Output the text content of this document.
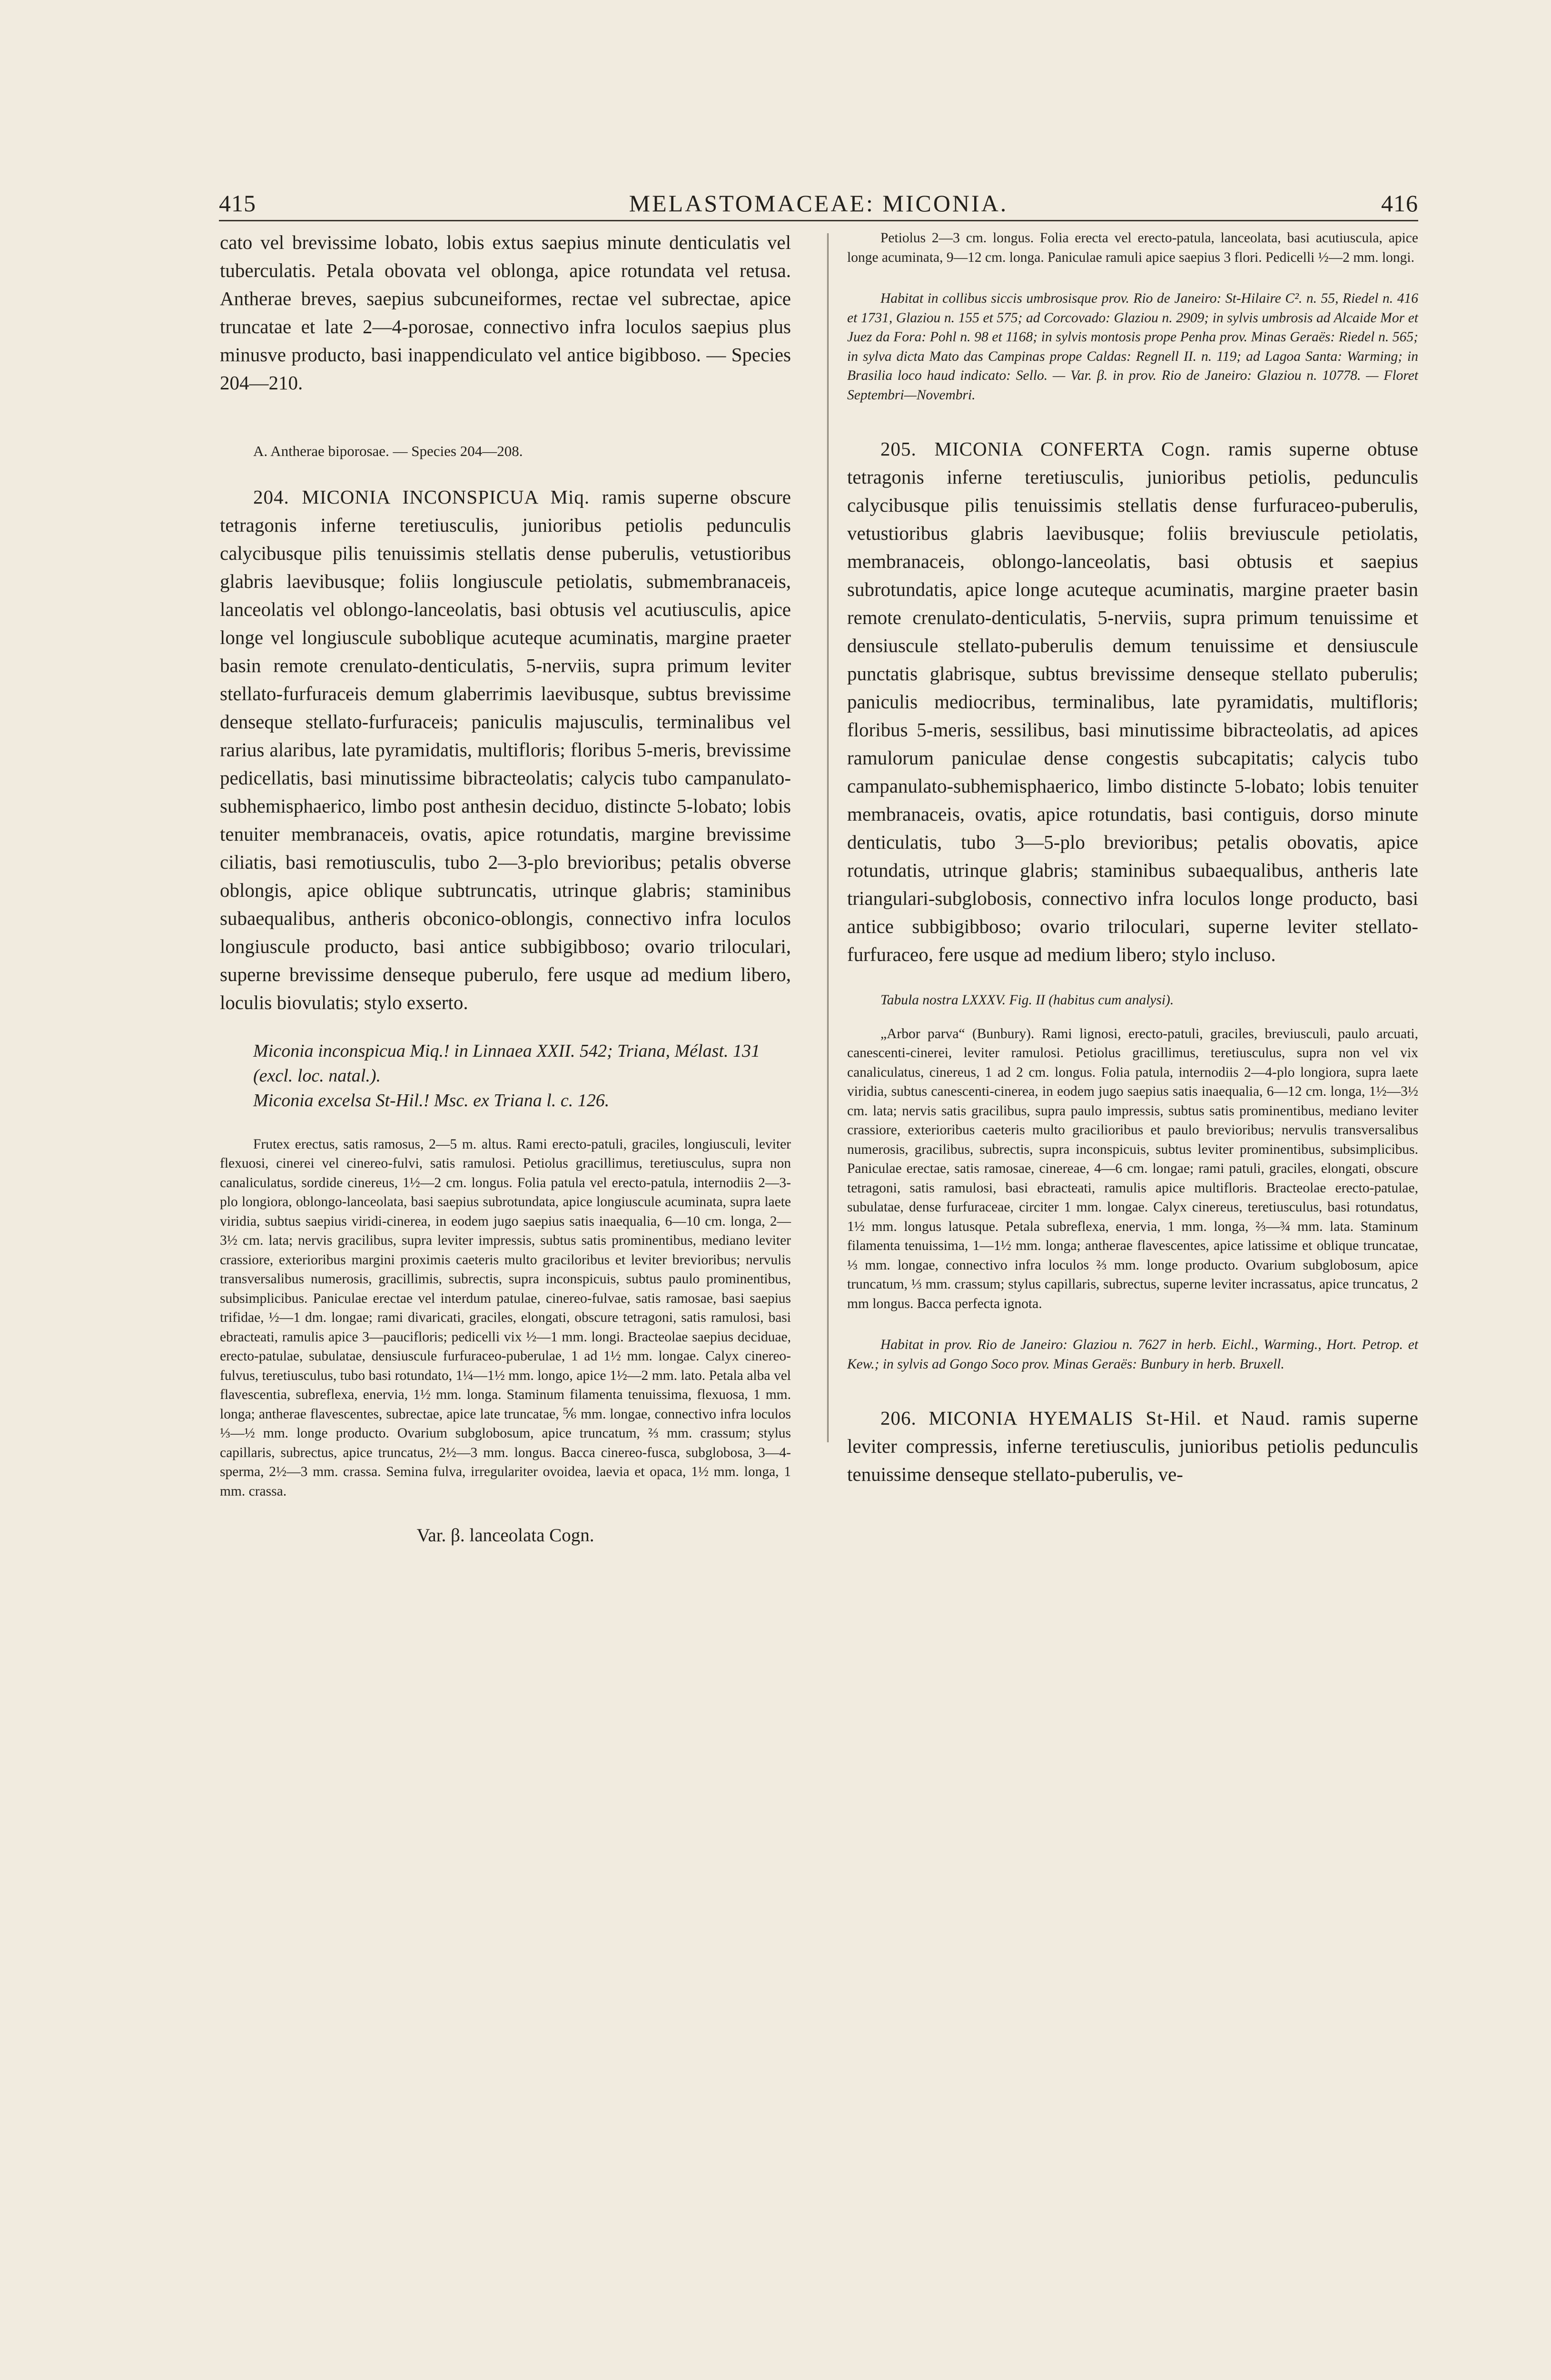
415	MELASTOMACEAE: MICONIA.	416

cato vel brevissime lobato, lobis extus saepius minute denticulatis vel tuberculatis. Petala obovata vel oblonga, apice rotundata vel retusa. Antherae breves, saepius subcuneiformes, rectae vel subrectae, apice truncatae et late 2—4-porosae, connectivo infra loculos saepius plus minusve producto, basi inappendiculato vel antice bigibboso. — Species 204—210.

A. Antherae biporosae. — Species 204—208.

204. MICONIA INCONSPICUA Miq. ramis superne obscure tetragonis inferne teretiusculis, junioribus petiolis pedunculis calycibusque pilis tenuissimis stellatis dense puberulis, vetustioribus glabris laevibusque; foliis longiuscule petiolatis, submembranaceis, lanceolatis vel oblongo-lanceolatis, basi obtusis vel acutiusculis, apice longe vel longiuscule suboblique acuteque acuminatis, margine praeter basin remote crenulato-denticulatis, 5-nerviis, supra primum leviter stellato-furfuraceis demum glaberrimis laevibusque, subtus brevissime denseque stellato-furfuraceis; paniculis majusculis, terminalibus vel rarius alaribus, late pyramidatis, multifloris; floribus 5-meris, brevissime pedicellatis, basi minutissime bibracteolatis; calycis tubo campanulato-subhemisphaerico, limbo post anthesin deciduo, distincte 5-lobato; lobis tenuiter membranaceis, ovatis, apice rotundatis, margine brevissime ciliatis, basi remotiusculis, tubo 2—3-plo brevioribus; petalis obverse oblongis, apice oblique subtruncatis, utrinque glabris; staminibus subaequalibus, antheris obconico-oblongis, connectivo infra loculos longiuscule producto, basi antice subbigibboso; ovario triloculari, superne brevissime denseque puberulo, fere usque ad medium libero, loculis biovulatis; stylo exserto.

Miconia inconspicua Miq.! in Linnaea XXII. 542; Triana, Mélast. 131 (excl. loc. natal.).

Miconia excelsa St-Hil.! Msc. ex Triana l. c. 126.

Frutex erectus, satis ramosus, 2—5 m. altus. Rami erecto-patuli, graciles, longiusculi, leviter flexuosi, cinerei vel cinereo-fulvi, satis ramulosi. Petiolus gracillimus, teretiusculus, supra non canaliculatus, sordide cinereus, 1½—2 cm. longus. Folia patula vel erecto-patula, internodiis 2—3-plo longiora, oblongo-lanceolata, basi saepius subrotundata, apice longiuscule acuminata, supra laete viridia, subtus saepius viridi-cinerea, in eodem jugo saepius satis inaequalia, 6—10 cm. longa, 2—3½ cm. lata; nervis gracilibus, supra leviter impressis, subtus satis prominentibus, mediano leviter crassiore, exterioribus margini proximis caeteris multo graciloribus et leviter brevioribus; nervulis transversalibus numerosis, gracillimis, subrectis, supra inconspicuis, subtus paulo prominentibus, subsimplicibus. Paniculae erectae vel interdum patulae, cinereo-fulvae, satis ramosae, basi saepius trifidae, ½—1 dm. longae; rami divaricati, graciles, elongati, obscure tetragoni, satis ramulosi, basi ebracteati, ramulis apice 3—paucifloris; pedicelli vix ½—1 mm. longi. Bracteolae saepius deciduae, erecto-patulae, subulatae, densiuscule furfuraceo-puberulae, 1 ad 1½ mm. longae. Calyx cinereo-fulvus, teretiusculus, tubo basi rotundato, 1¼—1½ mm. longo, apice 1½—2 mm. lato. Petala alba vel flavescentia, subreflexa, enervia, 1½ mm. longa. Staminum filamenta tenuissima, flexuosa, 1 mm. longa; antherae flavescentes, subrectae, apice late truncatae, ⅚ mm. longae, connectivo infra loculos ⅓—½ mm. longe producto. Ovarium subglobosum, apice truncatum, ⅔ mm. crassum; stylus capillaris, subrectus, apice truncatus, 2½—3 mm. longus. Bacca cinereo-fusca, subglobosa, 3—4-sperma, 2½—3 mm. crassa. Semina fulva, irregulariter ovoidea, laevia et opaca, 1½ mm. longa, 1 mm. crassa.

Var. β. lanceolata Cogn.

Petiolus 2—3 cm. longus. Folia erecta vel erecto-patula, lanceolata, basi acutiuscula, apice longe acuminata, 9—12 cm. longa. Paniculae ramuli apice saepius 3 flori. Pedicelli ½—2 mm. longi.

Habitat in collibus siccis umbrosisque prov. Rio de Janeiro: St-Hilaire C². n. 55, Riedel n. 416 et 1731, Glaziou n. 155 et 575; ad Corcovado: Glaziou n. 2909; in sylvis umbrosis ad Alcaide Mor et Juez da Fora: Pohl n. 98 et 1168; in sylvis montosis prope Penha prov. Minas Geraës: Riedel n. 565; in sylva dicta Mato das Campinas prope Caldas: Regnell II. n. 119; ad Lagoa Santa: Warming; in Brasilia loco haud indicato: Sello. — Var. β. in prov. Rio de Janeiro: Glaziou n. 10778. — Floret Septembri—Novembri.

205. MICONIA CONFERTA Cogn. ramis superne obtuse tetragonis inferne teretiusculis, junioribus petiolis, pedunculis calycibusque pilis tenuissimis stellatis dense furfuraceo-puberulis, vetustioribus glabris laevibusque; foliis breviuscule petiolatis, membranaceis, oblongo-lanceolatis, basi obtusis et saepius subrotundatis, apice longe acuteque acuminatis, margine praeter basin remote crenulato-denticulatis, 5-nerviis, supra primum tenuissime et densiuscule stellato-puberulis demum tenuissime et densiuscule punctatis glabrisque, subtus brevissime denseque stellato puberulis; paniculis mediocribus, terminalibus, late pyramidatis, multifloris; floribus 5-meris, sessilibus, basi minutissime bibracteolatis, ad apices ramulorum paniculae dense congestis subcapitatis; calycis tubo campanulato-subhemisphaerico, limbo distincte 5-lobato; lobis tenuiter membranaceis, ovatis, apice rotundatis, basi contiguis, dorso minute denticulatis, tubo 3—5-plo brevioribus; petalis obovatis, apice rotundatis, utrinque glabris; staminibus subaequalibus, antheris late triangulari-subglobosis, connectivo infra loculos longe producto, basi antice subbigibboso; ovario triloculari, superne leviter stellato-furfuraceo, fere usque ad medium libero; stylo incluso.

Tabula nostra LXXXV. Fig. II (habitus cum analysi).

„Arbor parva“ (Bunbury). Rami lignosi, erecto-patuli, graciles, breviusculi, paulo arcuati, canescenti-cinerei, leviter ramulosi. Petiolus gracillimus, teretiusculus, supra non vel vix canaliculatus, cinereus, 1 ad 2 cm. longus. Folia patula, internodiis 2—4-plo longiora, supra laete viridia, subtus canescenti-cinerea, in eodem jugo saepius satis inaequalia, 6—12 cm. longa, 1½—3½ cm. lata; nervis satis gracilibus, supra paulo impressis, subtus satis prominentibus, mediano leviter crassiore, exterioribus caeteris multo gracilioribus et paulo brevioribus; nervulis transversalibus numerosis, gracilibus, subrectis, supra inconspicuis, subtus leviter prominentibus, subsimplicibus. Paniculae erectae, satis ramosae, cinereae, 4—6 cm. longae; rami patuli, graciles, elongati, obscure tetragoni, satis ramulosi, basi ebracteati, ramulis apice multifloris. Bracteolae erecto-patulae, subulatae, dense furfuraceae, circiter 1 mm. longae. Calyx cinereus, teretiusculus, basi rotundatus, 1½ mm. longus latusque. Petala subreflexa, enervia, 1 mm. longa, ⅔—¾ mm. lata. Staminum filamenta tenuissima, 1—1½ mm. longa; antherae flavescentes, apice latissime et oblique truncatae, ⅓ mm. longae, connectivo infra loculos ⅔ mm. longe producto. Ovarium subglobosum, apice truncatum, ⅓ mm. crassum; stylus capillaris, subrectus, superne leviter incrassatus, apice truncatus, 2 mm longus. Bacca perfecta ignota.

Habitat in prov. Rio de Janeiro: Glaziou n. 7627 in herb. Eichl., Warming., Hort. Petrop. et Kew.; in sylvis ad Gongo Soco prov. Minas Geraës: Bunbury in herb. Bruxell.

206. MICONIA HYEMALIS St-Hil. et Naud. ramis superne leviter compressis, inferne teretiusculis, junioribus petiolis pedunculis tenuissime denseque stellato-puberulis, ve-
